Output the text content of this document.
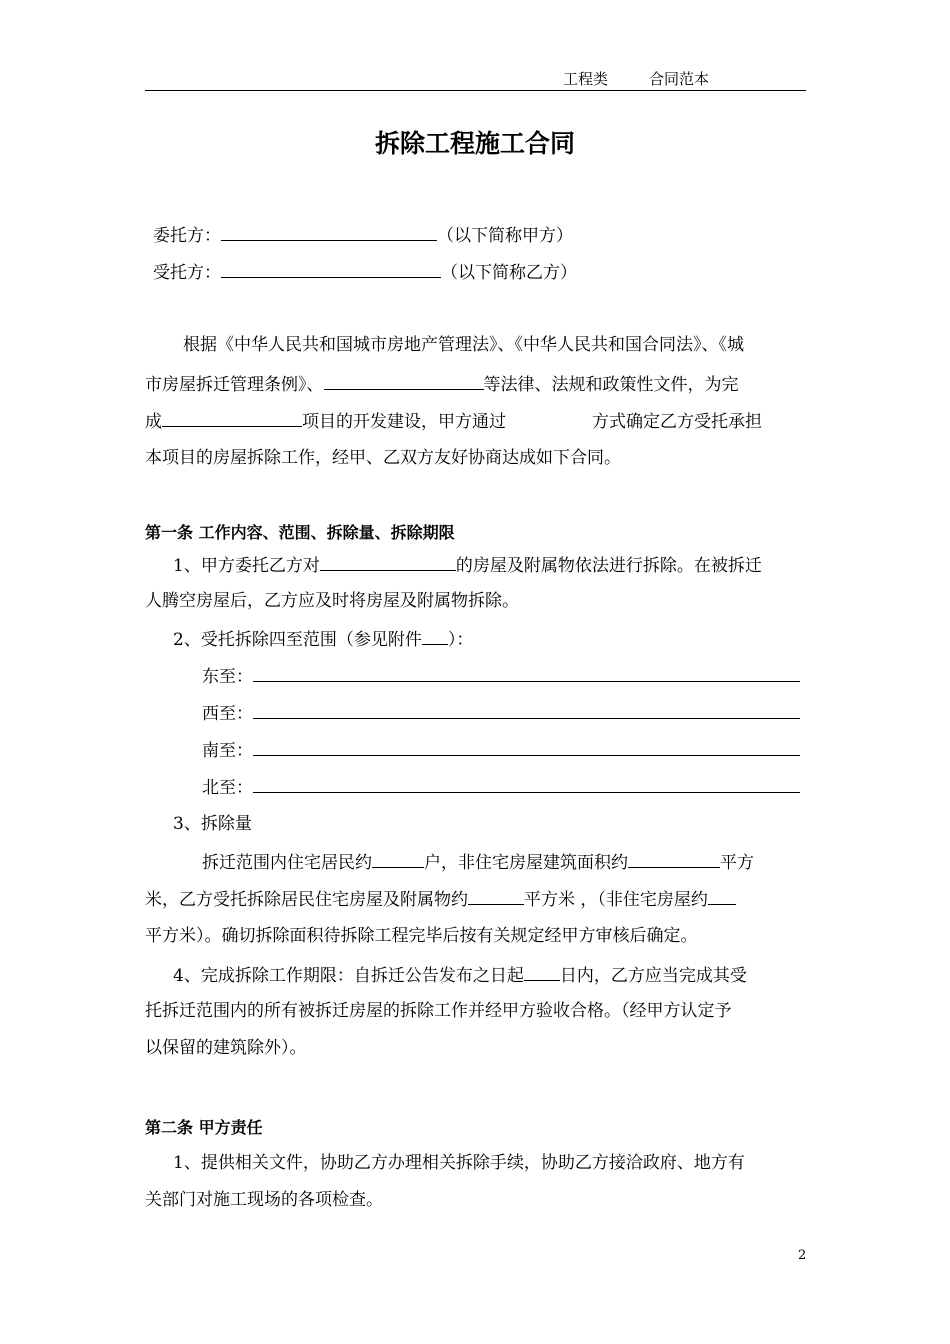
工程类	合同范本
拆除工程施工合同
委托方：	（以下简称甲方）
受托方：	（以下简称乙方）
根据《中华人民共和国城市房地产管理法》、《中华人民共和国合同法》、《城
市房屋拆迁管理条例》、	等法律、法规和政策性文件，为完
成	项目的开发建设，甲方通过	方式确定乙方受托承担
本项目的房屋拆除工作，经甲、乙双方友好协商达成如下合同。
第一条 工作内容、范围、拆除量、拆除期限
1、甲方委托乙方对	的房屋及附属物依法进行拆除。在被拆迁
人腾空房屋后，乙方应及时将房屋及附属物拆除。
2、受托拆除四至范围（参见附件 ）：
东至：
西至：
南至：
北至：
3、拆除量
拆迁范围内住宅居民约	户，非住宅房屋建筑面积约	平方
米，乙方受托拆除居民住宅房屋及附属物约	平方米 ，（非住宅房屋约
平方米）。确切拆除面积待拆除工程完毕后按有关规定经甲方审核后确定。
4、完成拆除工作期限：自拆迁公告发布之日起 日内，乙方应当完成其受
托拆迁范围内的所有被拆迁房屋的拆除工作并经甲方验收合格。（经甲方认定予
以保留的建筑除外）。
第二条 甲方责任
1、提供相关文件，协助乙方办理相关拆除手续，协助乙方接洽政府、地方有
关部门对施工现场的各项检查。
2
